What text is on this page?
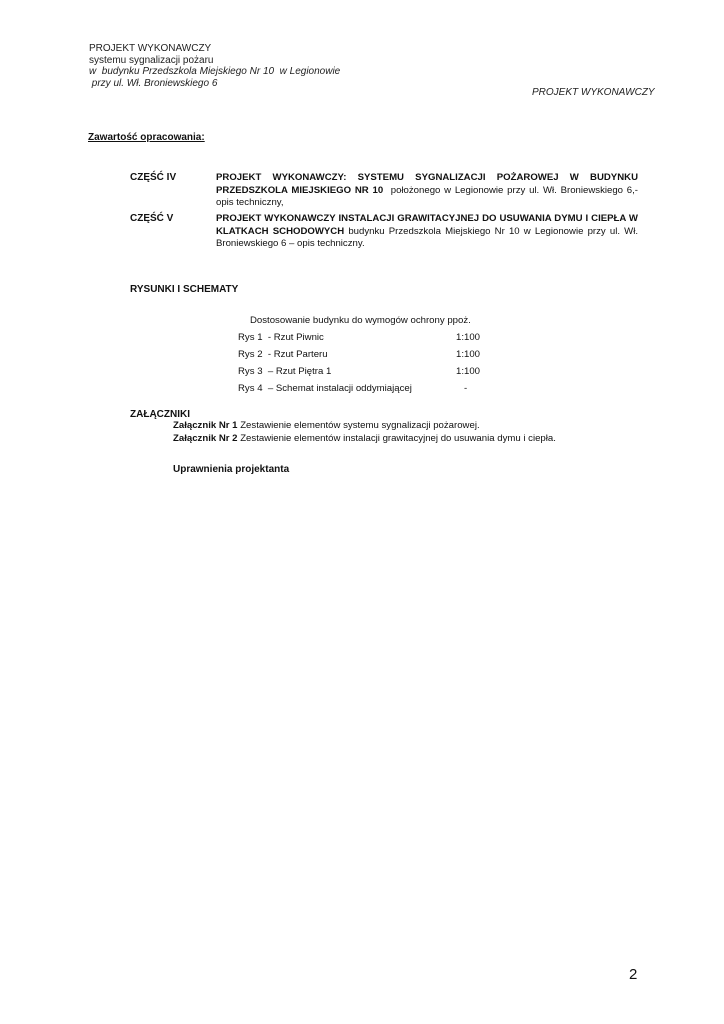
PROJEKT WYKONAWCZY
systemu sygnalizacji pożaru
w  budynku Przedszkola Miejskiego Nr 10  w Legionowie
przy ul. Wł. Broniewskiego 6
PROJEKT WYKONAWCZY
Zawartość opracowania:
CZĘŚĆ IV	PROJEKT WYKONAWCZY: SYSTEMU SYGNALIZACJI POŻAROWEJ W BUDYNKU PRZEDSZKOLA MIEJSKIEGO NR 10  położonego w Legionowie przy ul. Wł. Broniewskiego 6,- opis techniczny,
CZĘŚĆ V	PROJEKT WYKONAWCZY INSTALACJI GRAWITACYJNEJ DO USUWANIA DYMU I CIEPŁA W KLATKACH SCHODOWYCH budynku Przedszkola Miejskiego Nr 10 w Legionowie przy ul. Wł. Broniewskiego 6 – opis techniczny.
RYSUNKI I SCHEMATY
Dostosowanie budynku do wymogów ochrony ppoż.
Rys 1  - Rzut Piwnic	1:100
Rys 2  - Rzut Parteru	1:100
Rys 3  – Rzut Piętra 1	1:100
Rys 4  – Schemat instalacji oddymiającej	-
ZAŁĄCZNIKI
Załącznik Nr 1 Zestawienie elementów systemu sygnalizacji pożarowej.
Załącznik Nr 2 Zestawienie elementów instalacji grawitacyjnej do usuwania dymu i ciepła.
Uprawnienia projektanta
2
